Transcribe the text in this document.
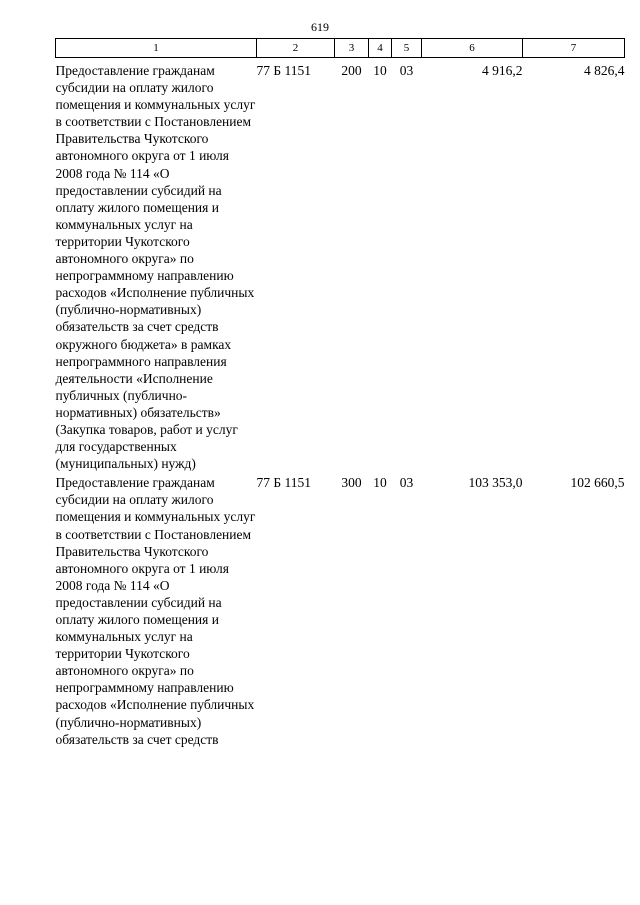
619
1	2	3	4	5	6	7
Предоставление гражданам субсидии на оплату жилого помещения и коммунальных услуг в соответствии с Постановлением Правительства Чукотского автономного округа от 1 июля 2008 года № 114 «О предоставлении субсидий на оплату жилого помещения и коммунальных услуг на территории Чукотского автономного округа» по непрограммному направлению расходов «Исполнение публичных (публично-нормативных) обязательств за счет средств окружного бюджета» в рамках непрограммного направления деятельности «Исполнение публичных (публично-нормативных) обязательств» (Закупка товаров, работ и услуг для государственных (муниципальных) нужд)	77 Б 1151	200	10	03	4 916,2	4 826,4
Предоставление гражданам субсидии на оплату жилого помещения и коммунальных услуг в соответствии с Постановлением Правительства Чукотского автономного округа от 1 июля 2008 года № 114 «О предоставлении субсидий на оплату жилого помещения и коммунальных услуг на территории Чукотского автономного округа» по непрограммному направлению расходов «Исполнение публичных (публично-нормативных) обязательств за счет средств	77 Б 1151	300	10	03	103 353,0	102 660,5
